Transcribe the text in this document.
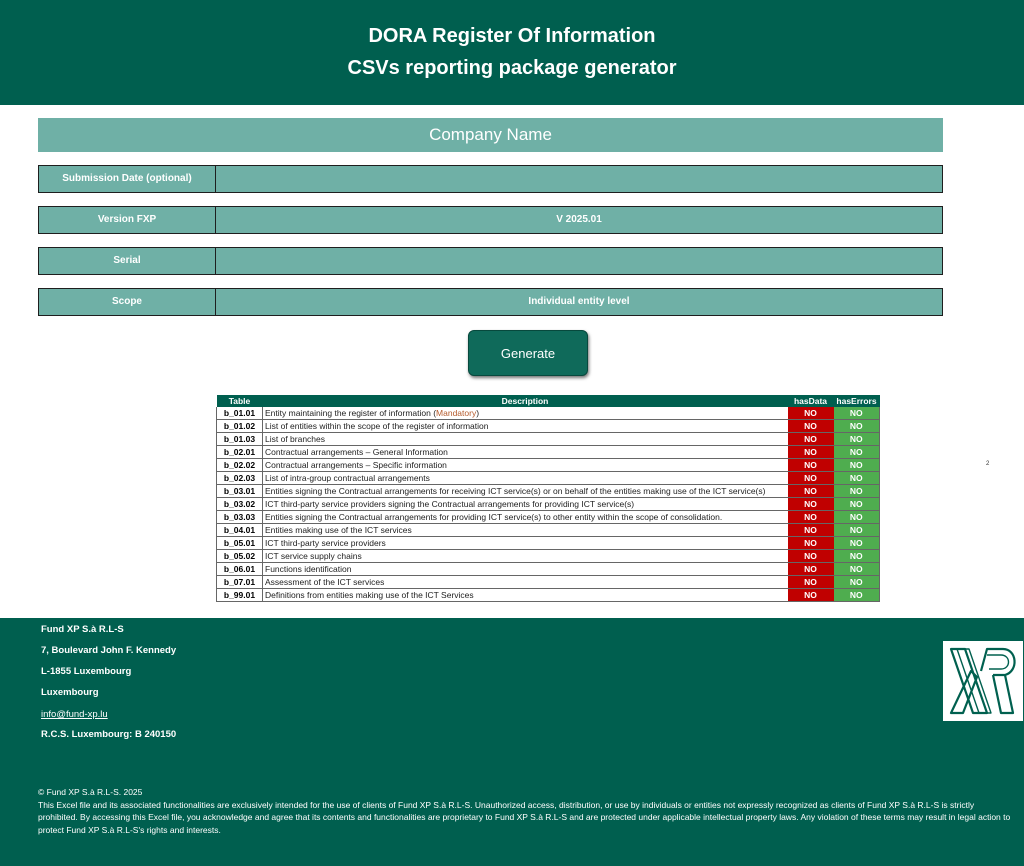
DORA Register Of Information
CSVs reporting package generator
Company Name
Submission Date (optional)
Version FXP	V 2025.01
Serial
Scope	Individual entity level
Generate
Table	Description	hasData	hasErrors
b_01.01	Entity maintaining the register of information (Mandatory)	NO	NO
b_01.02	List of entities within the scope of the register of information	NO	NO
b_01.03	List of branches	NO	NO
b_02.01	Contractual arrangements – General Information	NO	NO
b_02.02	Contractual arrangements – Specific information	NO	NO
b_02.03	List of intra-group contractual arrangements	NO	NO
b_03.01	Entities signing the Contractual arrangements for receiving ICT service(s) or on behalf of the entities making use of the ICT service(s)	NO	NO
b_03.02	ICT third-party service providers signing the Contractual arrangements for providing ICT service(s)	NO	NO
b_03.03	Entities signing the Contractual arrangements for providing ICT service(s) to other entity within the scope of consolidation.	NO	NO
b_04.01	Entities making use of the ICT services	NO	NO
b_05.01	ICT third-party service providers	NO	NO
b_05.02	ICT service supply chains	NO	NO
b_06.01	Functions identification	NO	NO
b_07.01	Assessment of the ICT services	NO	NO
b_99.01	Definitions from entities making use of the ICT Services	NO	NO
2
Fund XP S.à R.L-S
7, Boulevard John F. Kennedy
L-1855 Luxembourg
Luxembourg
info@fund-xp.lu
R.C.S. Luxembourg: B 240150
© Fund XP S.à R.L-S. 2025
This Excel file and its associated functionalities are exclusively intended for the use of clients of Fund XP S.à R.L-S. Unauthorized access, distribution, or use by individuals or entities not expressly recognized as clients of Fund XP S.à R.L-S is strictly prohibited. By accessing this Excel file, you acknowledge and agree that its contents and functionalities are proprietary to Fund XP S.à R.L-S and are protected under applicable intellectual property laws. Any violation of these terms may result in legal action to protect Fund XP S.à R.L-S's rights and interests.
